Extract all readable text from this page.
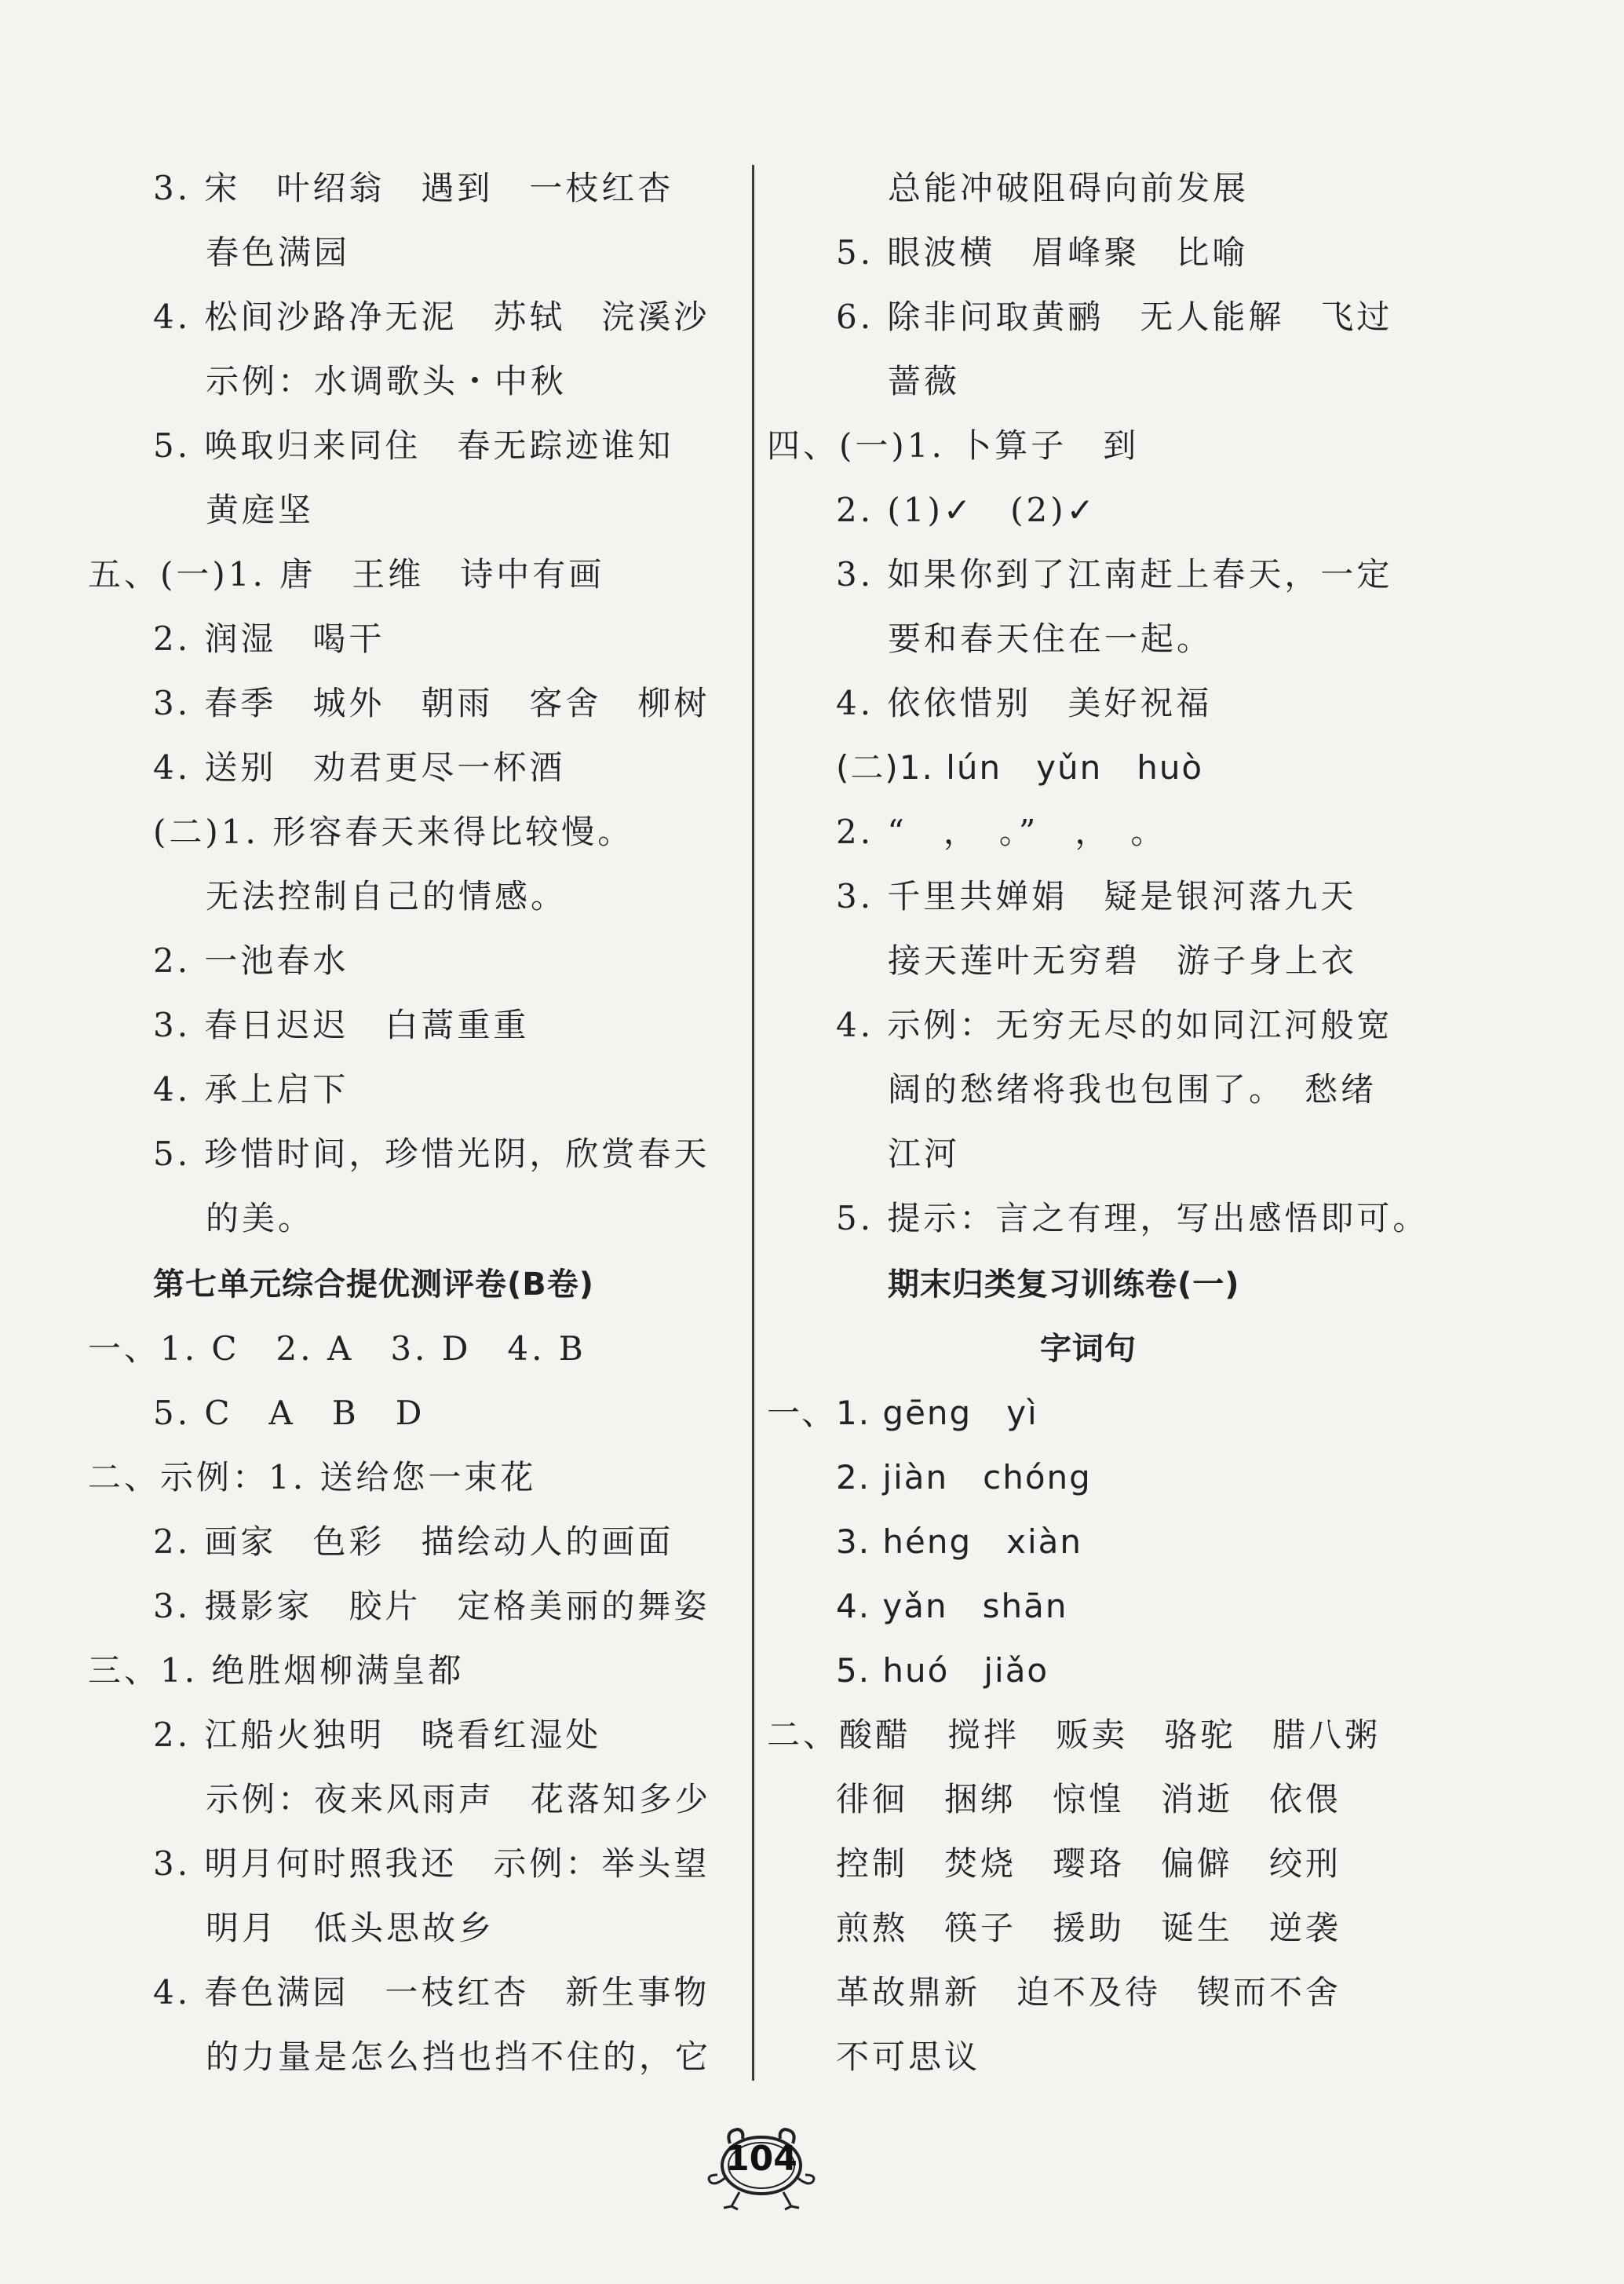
3. 宋　叶绍翁　遇到　一枝红杏
春色满园
4. 松间沙路净无泥　苏轼　浣溪沙
示例：水调歌头・中秋
5. 唤取归来同住　春无踪迹谁知
黄庭坚
五、(一)1. 唐　王维　诗中有画
2. 润湿　喝干
3. 春季　城外　朝雨　客舍　柳树
4. 送别　劝君更尽一杯酒
(二)1. 形容春天来得比较慢。
无法控制自己的情感。
2. 一池春水
3. 春日迟迟　白蒿重重
4. 承上启下
5. 珍惜时间，珍惜光阴，欣赏春天
的美。
第七单元综合提优测评卷(B卷)
一、1. C　2. A　3. D　4. B
5. C　A　B　D
二、示例：1. 送给您一束花
2. 画家　色彩　描绘动人的画面
3. 摄影家　胶片　定格美丽的舞姿
三、1. 绝胜烟柳满皇都
2. 江船火独明　晓看红湿处
示例：夜来风雨声　花落知多少
3. 明月何时照我还　示例：举头望
明月　低头思故乡
4. 春色满园　一枝红杏　新生事物
的力量是怎么挡也挡不住的，它
总能冲破阻碍向前发展
5. 眼波横　眉峰聚　比喻
6. 除非问取黄鹂　无人能解　飞过
蔷薇
四、(一)1. 卜算子　到
2. (1)✓　(2)✓
3. 如果你到了江南赶上春天，一定
要和春天住在一起。
4. 依依惜别　美好祝福
(二)1. lún　yǔn　huò
2. “　，　。”　，　。
3. 千里共婵娟　疑是银河落九天
接天莲叶无穷碧　游子身上衣
4. 示例：无穷无尽的如同江河般宽
阔的愁绪将我也包围了。　愁绪
江河
5. 提示：言之有理，写出感悟即可。
期末归类复习训练卷(一)
字词句
一、1. gēng　yì
2. jiàn　chóng
3. héng　xiàn
4. yǎn　shān
5. huó　jiǎo
二、酸醋　搅拌　贩卖　骆驼　腊八粥
徘徊　捆绑　惊惶　消逝　依偎
控制　焚烧　璎珞　偏僻　绞刑
煎熬　筷子　援助　诞生　逆袭
革故鼎新　迫不及待　锲而不舍
不可思议
104
